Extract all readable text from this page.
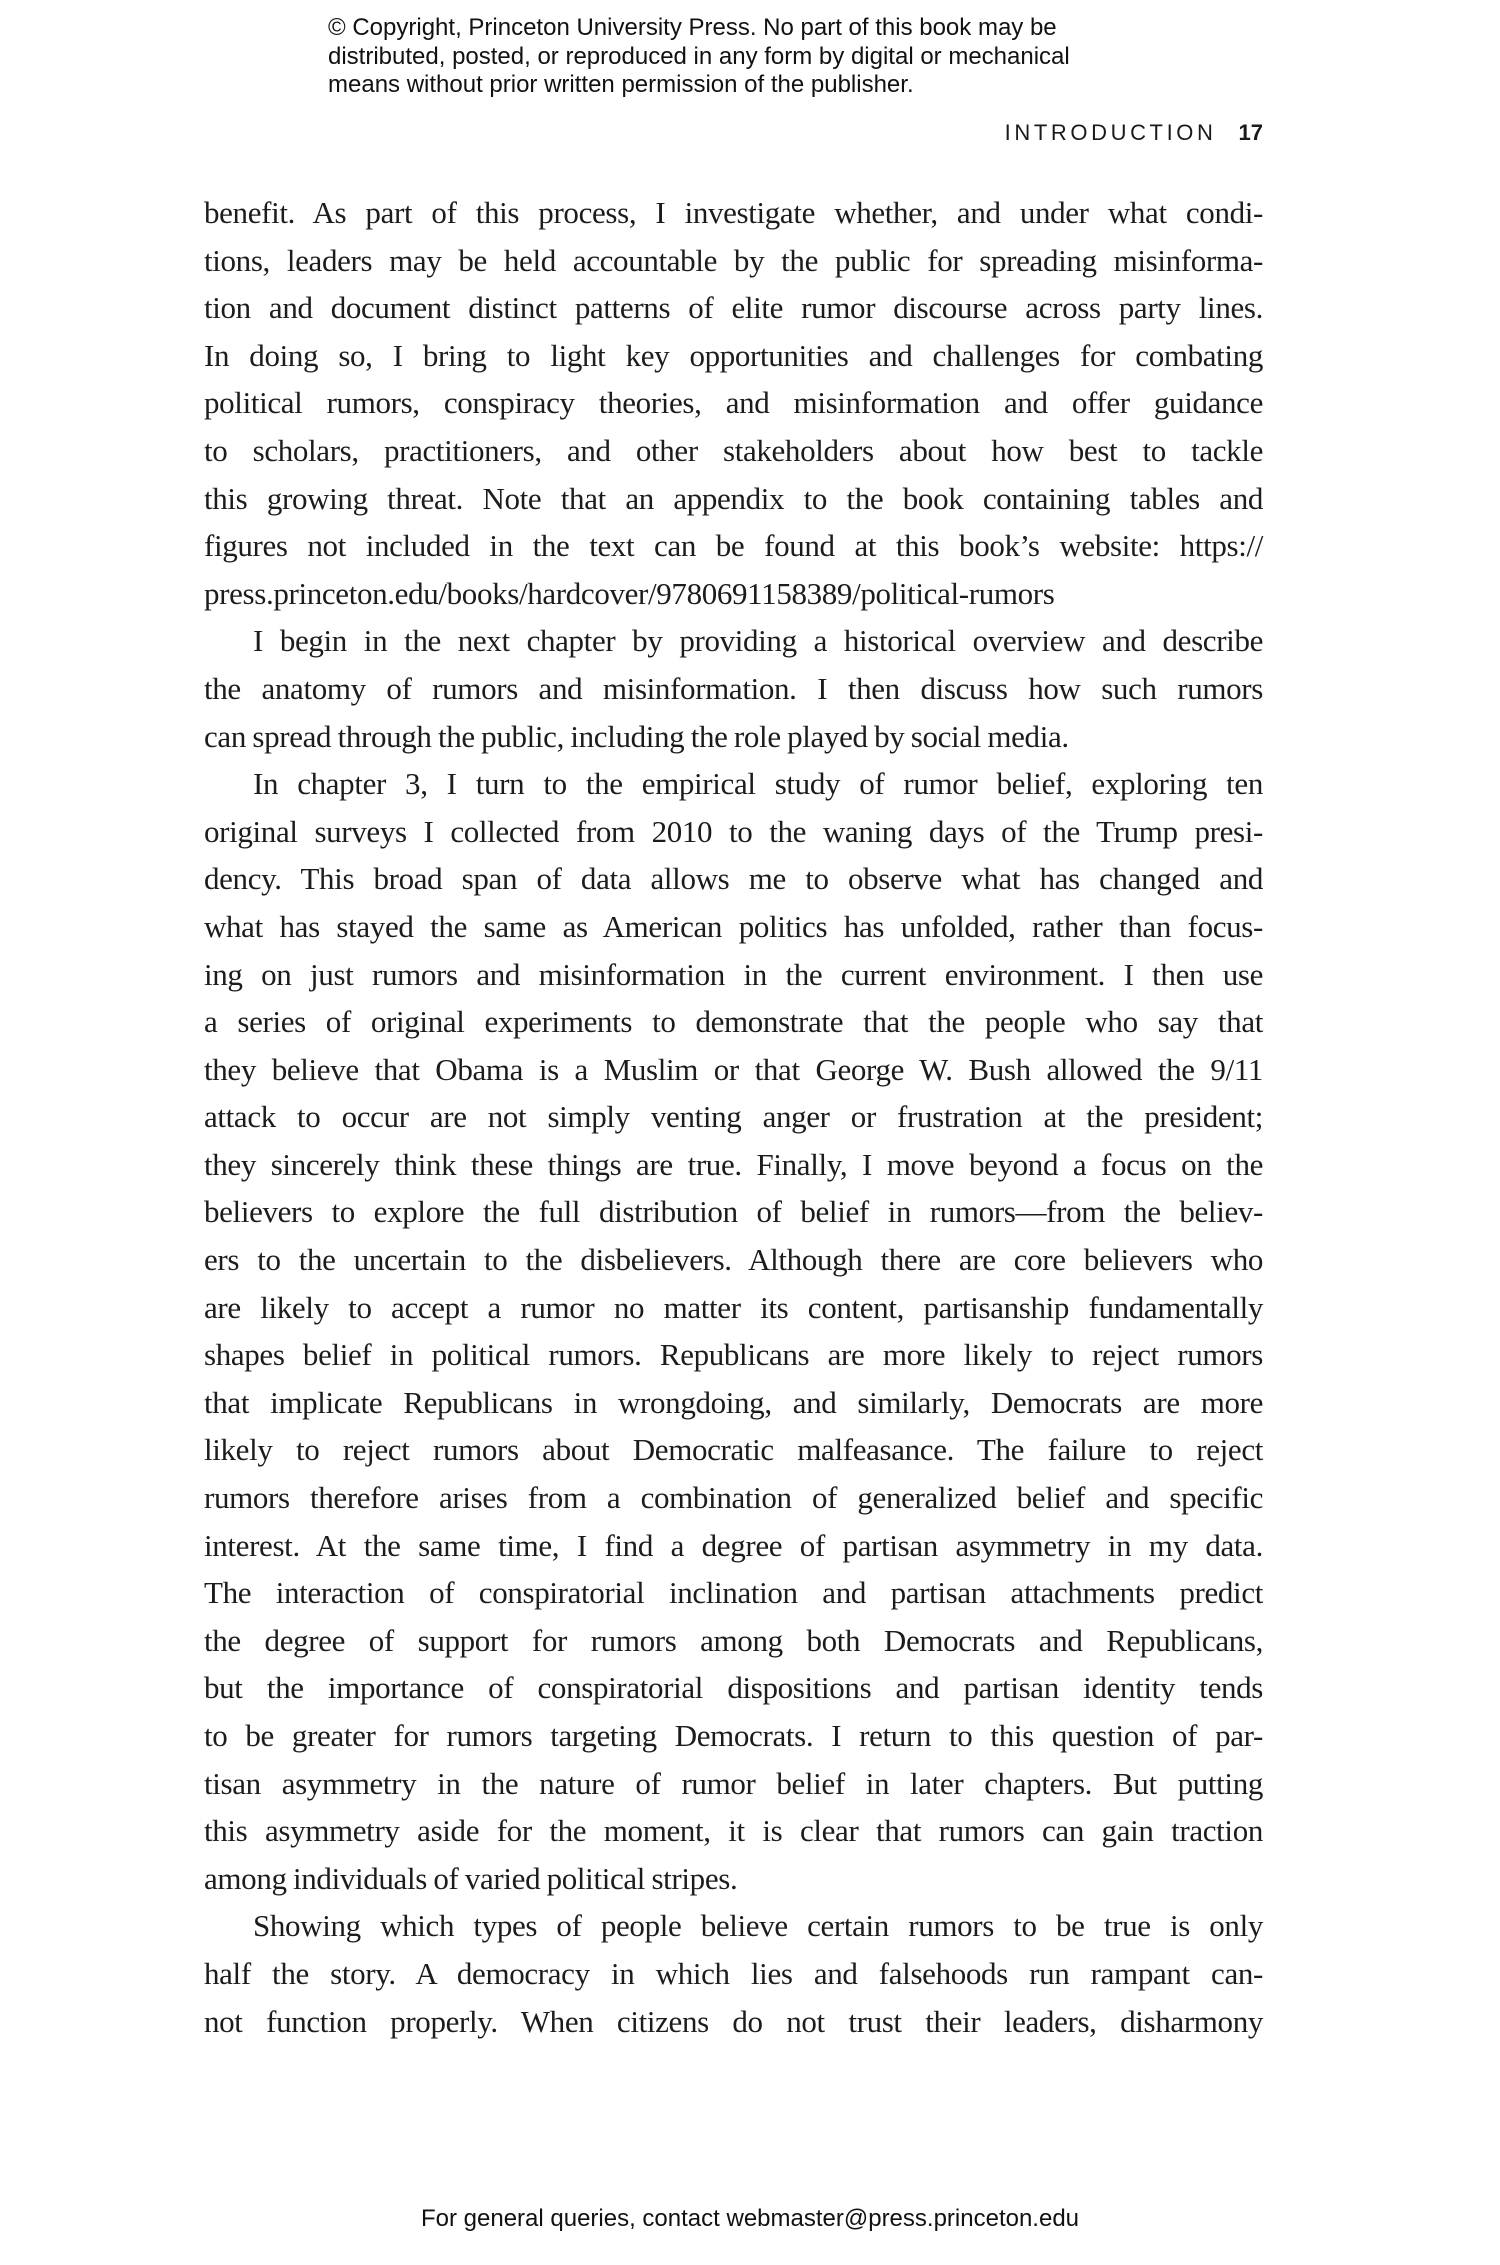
© Copyright, Princeton University Press. No part of this book may be
distributed, posted, or reproduced in any form by digital or mechanical
means without prior written permission of the publisher.
INTRODUCTION 17
benefit. As part of this process, I investigate whether, and under what condi-
tions, leaders may be held accountable by the public for spreading misinforma-
tion and document distinct patterns of elite rumor discourse across party lines.
In doing so, I bring to light key opportunities and challenges for combating
political rumors, conspiracy theories, and misinformation and offer guidance
to scholars, practitioners, and other stakeholders about how best to tackle
this growing threat. Note that an appendix to the book containing tables and
figures not included in the text can be found at this book’s website: https://
press.princeton.edu/books/hardcover/9780691158389/political-rumors
I begin in the next chapter by providing a historical overview and describe
the anatomy of rumors and misinformation. I then discuss how such rumors
can spread through the public, including the role played by social media.
In chapter 3, I turn to the empirical study of rumor belief, exploring ten
original surveys I collected from 2010 to the waning days of the Trump presi-
dency. This broad span of data allows me to observe what has changed and
what has stayed the same as American politics has unfolded, rather than focus-
ing on just rumors and misinformation in the current environment. I then use
a series of original experiments to demonstrate that the people who say that
they believe that Obama is a Muslim or that George W. Bush allowed the 9/11
attack to occur are not simply venting anger or frustration at the president;
they sincerely think these things are true. Finally, I move beyond a focus on the
believers to explore the full distribution of belief in rumors—from the believ-
ers to the uncertain to the disbelievers. Although there are core believers who
are likely to accept a rumor no matter its content, partisanship fundamentally
shapes belief in political rumors. Republicans are more likely to reject rumors
that implicate Republicans in wrongdoing, and similarly, Democrats are more
likely to reject rumors about Democratic malfeasance. The failure to reject
rumors therefore arises from a combination of generalized belief and specific
interest. At the same time, I find a degree of partisan asymmetry in my data.
The interaction of conspiratorial inclination and partisan attachments predict
the degree of support for rumors among both Democrats and Republicans,
but the importance of conspiratorial dispositions and partisan identity tends
to be greater for rumors targeting Democrats. I return to this question of par-
tisan asymmetry in the nature of rumor belief in later chapters. But putting
this asymmetry aside for the moment, it is clear that rumors can gain traction
among individuals of varied political stripes.
Showing which types of people believe certain rumors to be true is only
half the story. A democracy in which lies and falsehoods run rampant can-
not function properly. When citizens do not trust their leaders, disharmony
For general queries, contact webmaster@press.princeton.edu
